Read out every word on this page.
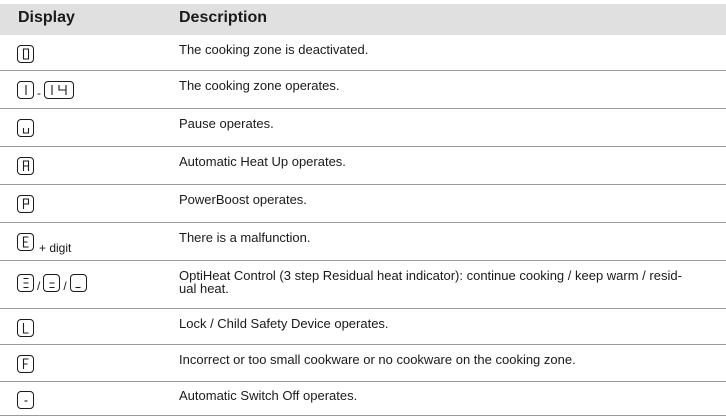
Display	Description
The cooking zone is deactivated.
-	The cooking zone operates.
Pause operates.
Automatic Heat Up operates.
PowerBoost operates.
+ digit
There is a malfunction.
/ /
OptiHeat Control (3 step Residual heat indicator): continue cooking / keep warm / resid-
ual heat.
Lock / Child Safety Device operates.
Incorrect or too small cookware or no cookware on the cooking zone.
Automatic Switch Off operates.
